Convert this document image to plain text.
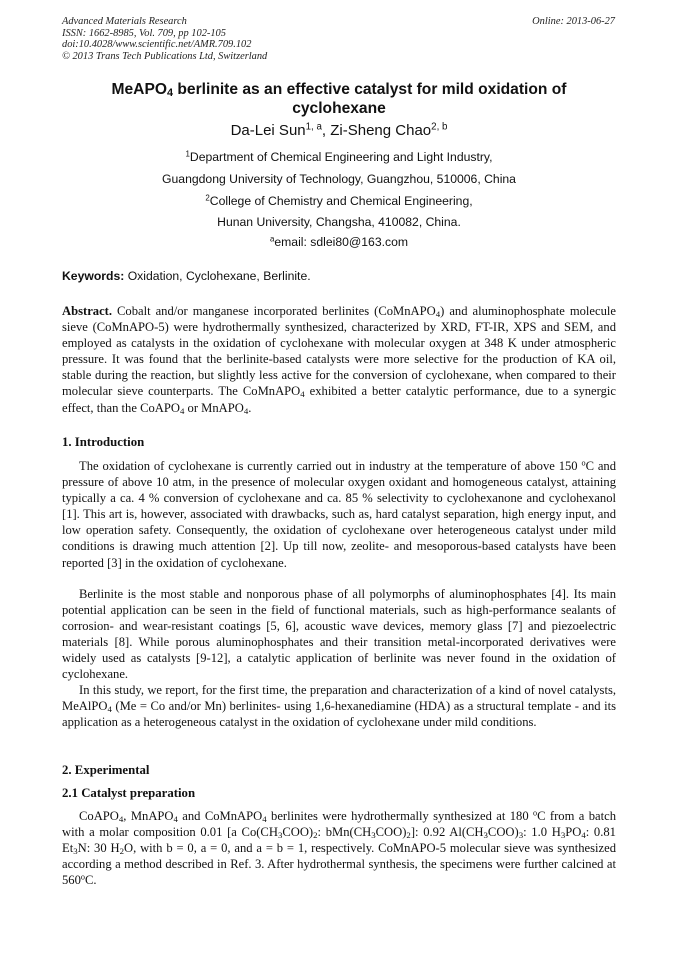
Advanced Materials Research
ISSN: 1662-8985, Vol. 709, pp 102-105
doi:10.4028/www.scientific.net/AMR.709.102
© 2013 Trans Tech Publications Ltd, Switzerland
Online: 2013-06-27
MeAPO$_4$ berlinite as an effective catalyst for mild oxidation of
cyclohexane
Da-Lei Sun$^{1, a}$, Zi-Sheng Chao$^{2, b}$
$^1$Department of Chemical Engineering and Light Industry,
Guangdong University of Technology, Guangzhou, 510006, China
$^2$College of Chemistry and Chemical Engineering,
Hunan University, Changsha, 410082, China.
$^a$email: sdlei80@163.com
Keywords: Oxidation, Cyclohexane, Berlinite.
Abstract. Cobalt and/or manganese incorporated berlinites (CoMnAPO$_4$) and aluminophosphate molecule sieve (CoMnAPO-5) were hydrothermally synthesized, characterized by XRD, FT-IR, XPS and SEM, and employed as catalysts in the oxidation of cyclohexane with molecular oxygen at 348 K under atmospheric pressure. It was found that the berlinite-based catalysts were more selective for the production of KA oil, stable during the reaction, but slightly less active for the conversion of cyclohexane, when compared to their molecular sieve counterparts. The CoMnAPO$_4$ exhibited a better catalytic performance, due to a synergic effect, than the CoAPO$_4$ or MnAPO$_4$.
1. Introduction
The oxidation of cyclohexane is currently carried out in industry at the temperature of above 150 $^o$C and pressure of above 10 atm, in the presence of molecular oxygen oxidant and homogeneous catalyst, attaining typically a ca. 4 % conversion of cyclohexane and ca. 85 % selectivity to cyclohexanone and cyclohexanol [1]. This art is, however, associated with drawbacks, such as, hard catalyst separation, high energy input, and low operation safety. Consequently, the oxidation of cyclohexane over heterogeneous catalyst under mild conditions is drawing much attention [2]. Up till now, zeolite- and mesoporous-based catalysts have been reported [3] in the oxidation of cyclohexane.
Berlinite is the most stable and nonporous phase of all polymorphs of aluminophosphates [4]. Its main potential application can be seen in the field of functional materials, such as high-performance sealants of corrosion- and wear-resistant coatings [5, 6], acoustic wave devices, memory glass [7] and piezoelectric materials [8]. While porous aluminophosphates and their transition metal-incorporated derivatives were widely used as catalysts [9-12], a catalytic application of berlinite was never found in the oxidation of cyclohexane.
In this study, we report, for the first time, the preparation and characterization of a kind of novel catalysts, MeAlPO$_4$ (Me = Co and/or Mn) berlinites- using 1,6-hexanediamine (HDA) as a structural template - and its application as a heterogeneous catalyst in the oxidation of cyclohexane under mild conditions.
2. Experimental
2.1 Catalyst preparation
CoAPO$_4$, MnAPO$_4$ and CoMnAPO$_4$ berlinites were hydrothermally synthesized at 180 $^o$C from a batch with a molar composition 0.01 [a $Co(CH_3COO)_2$: $bMn(CH_3COO)_2$]: 0.92 $Al(CH_3COO)_3$: 1.0 $H_3PO_4$: 0.81 $Et_3N$: 30 $H_2O$, with b = 0, a = 0, and a = b = 1, respectively. CoMnAPO-5 molecular sieve was synthesized according a method described in Ref. 3. After hydrothermal synthesis, the specimens were further calcined at 560$^o$C.
